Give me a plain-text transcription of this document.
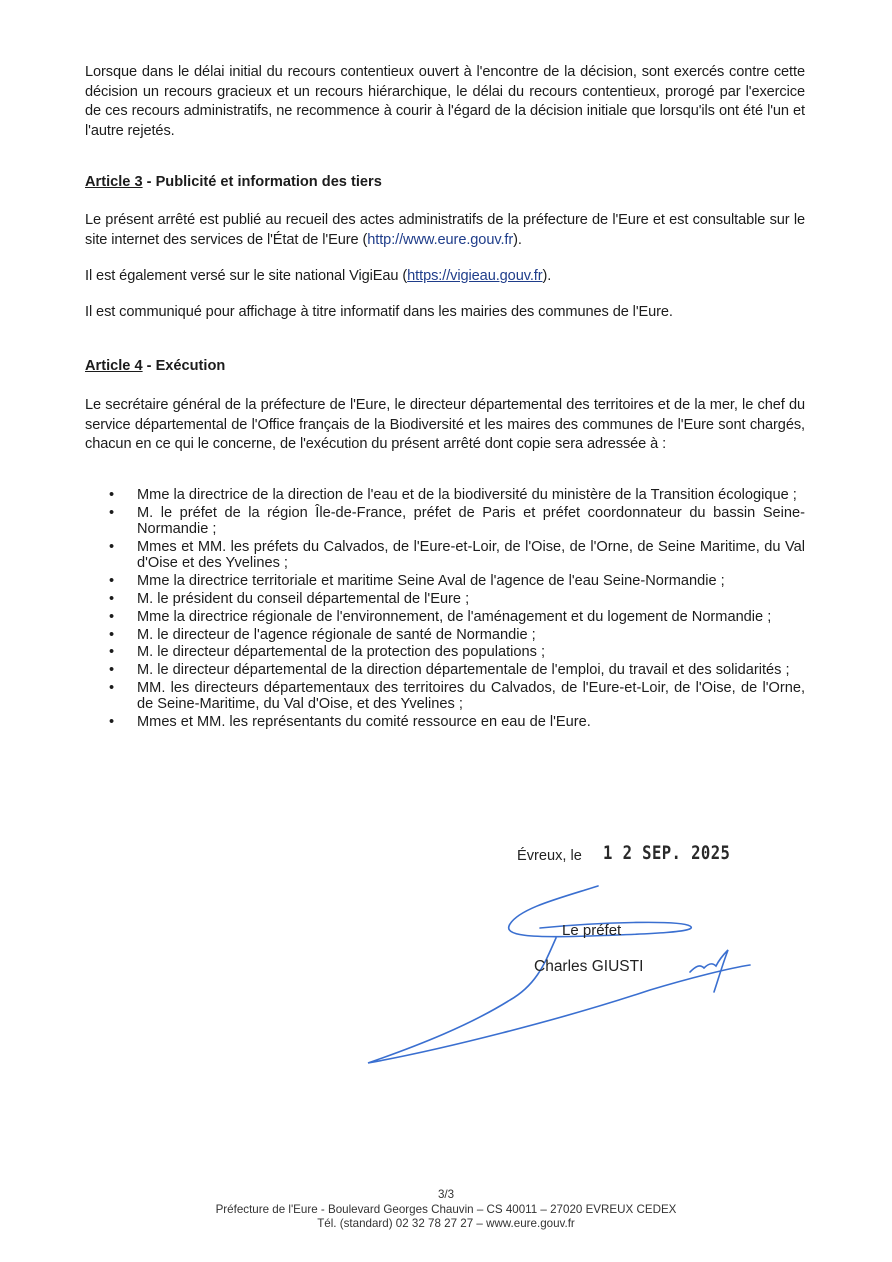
Lorsque dans le délai initial du recours contentieux ouvert à l'encontre de la décision, sont exercés contre cette décision un recours gracieux et un recours hiérarchique, le délai du recours contentieux, prorogé par l'exercice de ces recours administratifs, ne recommence à courir à l'égard de la décision initiale que lorsqu'ils ont été l'un et l'autre rejetés.

Article 3 - Publicité et information des tiers

Le présent arrêté est publié au recueil des actes administratifs de la préfecture de l'Eure et est consultable sur le site internet des services de l'État de l'Eure (http://www.eure.gouv.fr).

Il est également versé sur le site national VigiEau (https://vigieau.gouv.fr).

Il est communiqué pour affichage à titre informatif dans les mairies des communes de l'Eure.

Article 4 - Exécution

Le secrétaire général de la préfecture de l'Eure, le directeur départemental des territoires et de la mer, le chef du service départemental de l'Office français de la Biodiversité et les maires des communes de l'Eure sont chargés, chacun en ce qui le concerne, de l'exécution du présent arrêté dont copie sera adressée à :

• Mme la directrice de la direction de l'eau et de la biodiversité du ministère de la Transition écologique ;
• M. le préfet de la région Île-de-France, préfet de Paris et préfet coordonnateur du bassin Seine-Normandie ;
• Mmes et MM. les préfets du Calvados, de l'Eure-et-Loir, de l'Oise, de l'Orne, de Seine Maritime, du Val d'Oise et des Yvelines ;
• Mme la directrice territoriale et maritime Seine Aval de l'agence de l'eau Seine-Normandie ;
• M. le président du conseil départemental de l'Eure ;
• Mme la directrice régionale de l'environnement, de l'aménagement et du logement de Normandie ;
• M. le directeur de l'agence régionale de santé de Normandie ;
• M. le directeur départemental de la protection des populations ;
• M. le directeur départemental de la direction départementale de l'emploi, du travail et des solidarités ;
• MM. les directeurs départementaux des territoires du Calvados, de l'Eure-et-Loir, de l'Oise, de l'Orne, de Seine-Maritime, du Val d'Oise, et des Yvelines ;
• Mmes et MM. les représentants du comité ressource en eau de l'Eure.
Évreux, le 1 2 SEP. 2025
Le préfet
Charles GIUSTI
3/3
Préfecture de l'Eure - Boulevard Georges Chauvin – CS 40011 – 27020 EVREUX CEDEX
Tél. (standard) 02 32 78 27 27 – www.eure.gouv.fr
